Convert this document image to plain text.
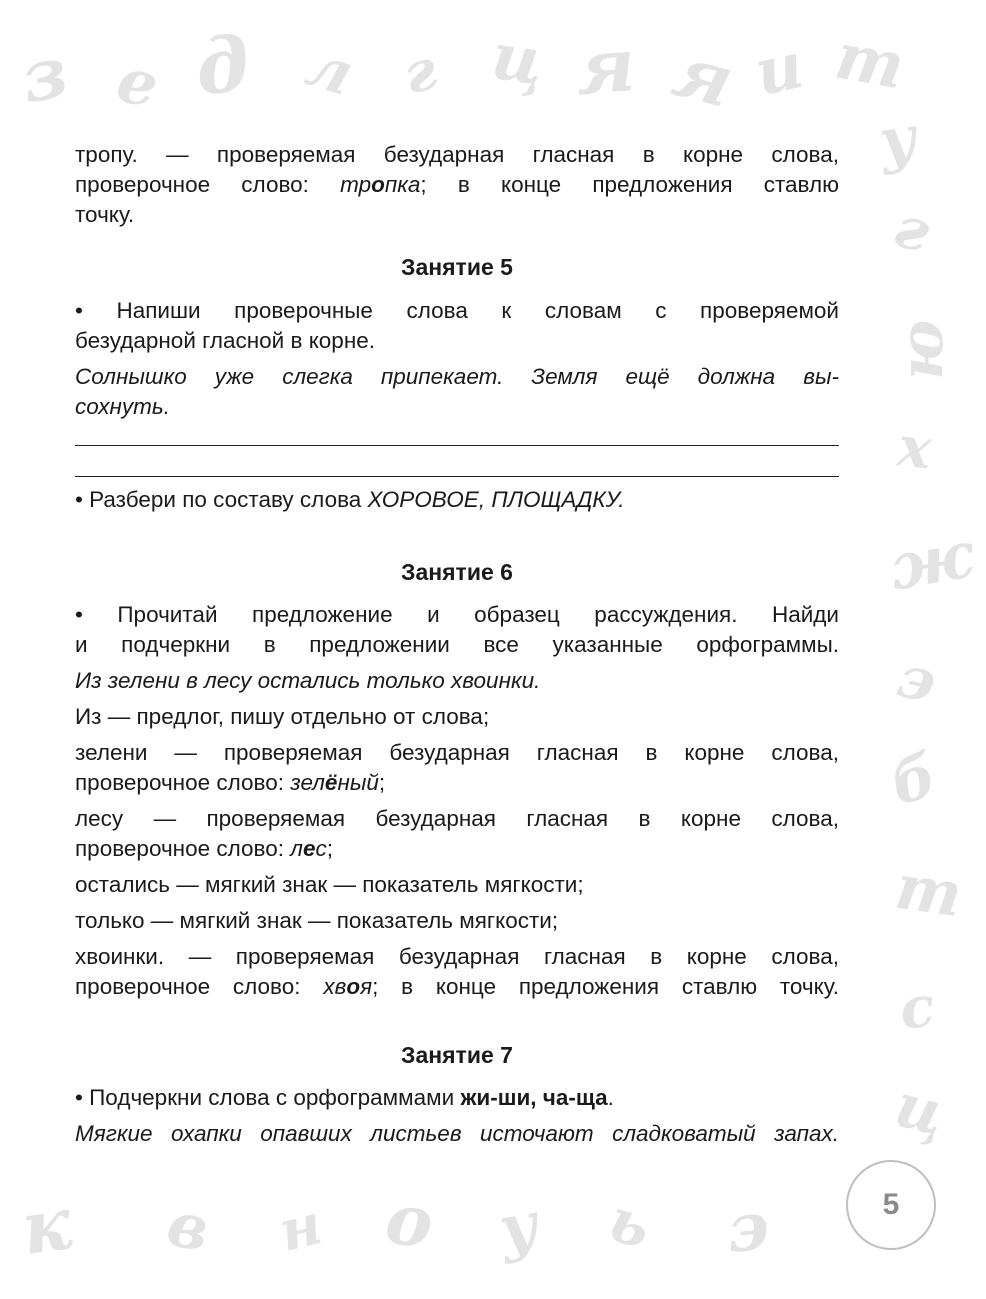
з е д л г ц я я и т
у
г
ю
х
ж
э
б
т
с
ц
к в н о у ь э

тропу. — проверяемая безударная гласная в корне слова,

проверочное слово: тропка; в конце предложения ставлю

точку.

Занятие 5

• Напиши проверочные слова к словам с проверяемой

безударной гласной в корне.

Солнышко уже слегка припекает. Земля ещё должна вы-

сохнуть.

• Разбери по составу слова ХОРОВОЕ, ПЛОЩАДКУ.

Занятие 6

• Прочитай предложение и образец рассуждения. Найди

и подчеркни в предложении все указанные орфограммы.

Из зелени в лесу остались только хвоинки.

Из — предлог, пишу отдельно от слова;

зелени — проверяемая безударная гласная в корне слова,

проверочное слово: зелёный;

лесу — проверяемая безударная гласная в корне слова,

проверочное слово: лес;

остались — мягкий знак — показатель мягкости;

только — мягкий знак — показатель мягкости;

хвоинки. — проверяемая безударная гласная в корне слова,

проверочное слово: хвоя; в конце предложения ставлю точку.

Занятие 7

• Подчеркни слова с орфограммами жи-ши, ча-ща.

Мягкие охапки опавших листьев источают сладковатый запах.

5
